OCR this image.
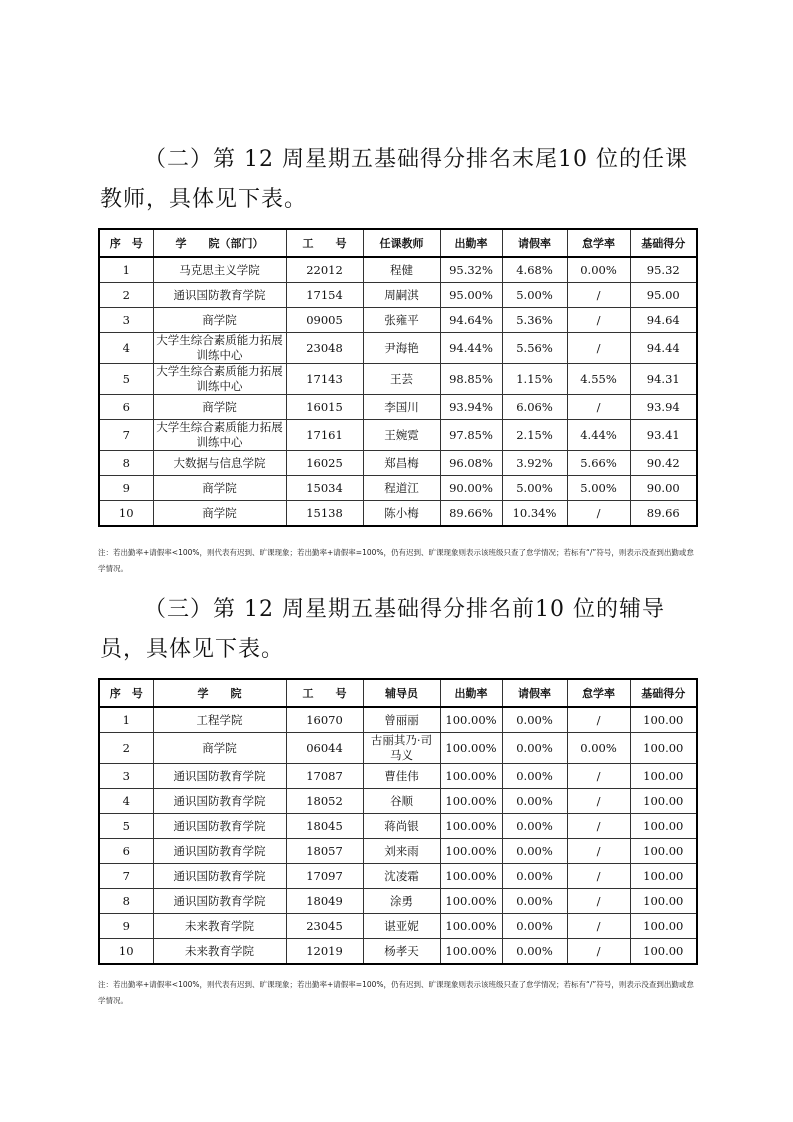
（二）第 12 周星期五基础得分排名末尾10 位的任课教师，具体见下表。

序　号	学　　院（部门）	工　　号	任课教师	出勤率	请假率	怠学率	基础得分
1	马克思主义学院	22012	程健	95.32%	4.68%	0.00%	95.32
2	通识国防教育学院	17154	周嗣淇	95.00%	5.00%	/	95.00
3	商学院	09005	张雍平	94.64%	5.36%	/	94.64
4	大学生综合素质能力拓展训练中心	23048	尹海艳	94.44%	5.56%	/	94.44
5	大学生综合素质能力拓展训练中心	17143	王芸	98.85%	1.15%	4.55%	94.31
6	商学院	16015	李国川	93.94%	6.06%	/	93.94
7	大学生综合素质能力拓展训练中心	17161	王婉霓	97.85%	2.15%	4.44%	93.41
8	大数据与信息学院	16025	郑昌梅	96.08%	3.92%	5.66%	90.42
9	商学院	15034	程道江	90.00%	5.00%	5.00%	90.00
10	商学院	15138	陈小梅	89.66%	10.34%	/	89.66

注：若出勤率+请假率<100%，则代表有迟到、旷课现象；若出勤率+请假率=100%，仍有迟到、旷课现象则表示该班级只查了怠学情况；若标有“/”符号，则表示没查到出勤或怠学情况。

（三）第 12 周星期五基础得分排名前10 位的辅导员，具体见下表。

序　号	学　　院	工　　号	辅导员	出勤率	请假率	怠学率	基础得分
1	工程学院	16070	曾丽丽	100.00%	0.00%	/	100.00
2	商学院	06044	古丽其乃·司马义	100.00%	0.00%	0.00%	100.00
3	通识国防教育学院	17087	曹佳伟	100.00%	0.00%	/	100.00
4	通识国防教育学院	18052	谷顺	100.00%	0.00%	/	100.00
5	通识国防教育学院	18045	蒋尚银	100.00%	0.00%	/	100.00
6	通识国防教育学院	18057	刘来雨	100.00%	0.00%	/	100.00
7	通识国防教育学院	17097	沈凌霜	100.00%	0.00%	/	100.00
8	通识国防教育学院	18049	涂勇	100.00%	0.00%	/	100.00
9	未来教育学院	23045	谌亚妮	100.00%	0.00%	/	100.00
10	未来教育学院	12019	杨孝天	100.00%	0.00%	/	100.00

注：若出勤率+请假率<100%，则代表有迟到、旷课现象；若出勤率+请假率=100%，仍有迟到、旷课现象则表示该班级只查了怠学情况；若标有“/”符号，则表示没查到出勤或怠学情况。
